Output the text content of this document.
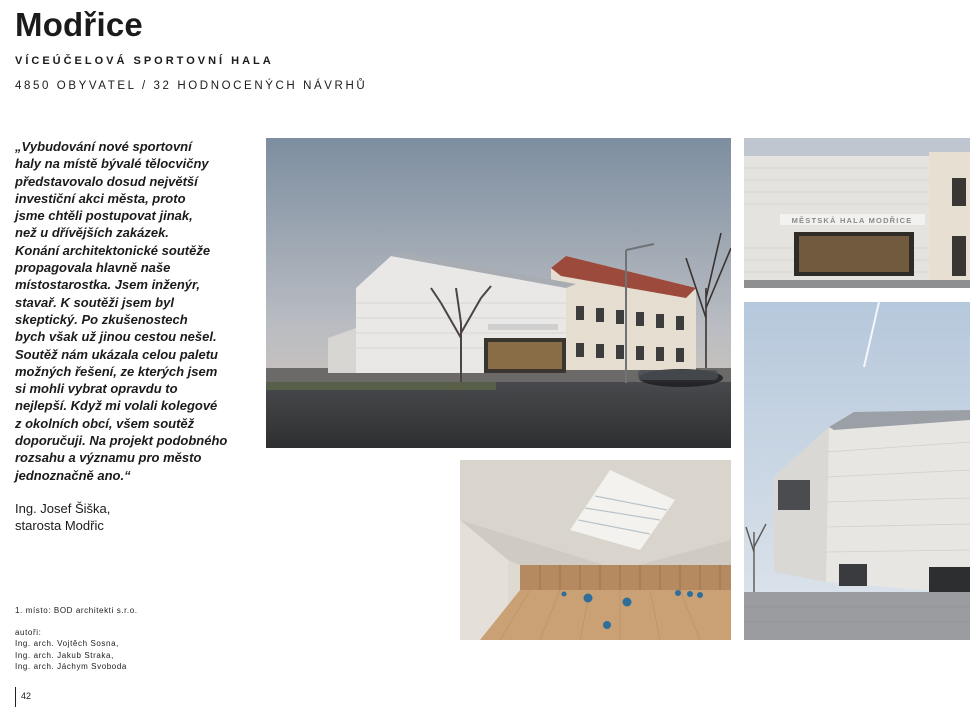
Modřice
VÍCEÚČELOVÁ SPORTOVNÍ HALA
4850 OBYVATEL / 32 HODNOCENÝCH NÁVRHŮ
„Vybudování nové sportovní
haly na místě bývalé tělocvičny
představovalo dosud největší
investiční akci města, proto
jsme chtěli postupovat jinak,
než u dřívějších zakázek.
Konání architektonické soutěže
propagovala hlavně naše
místostarostka. Jsem inženýr,
stavař. K soutěži jsem byl
skeptický. Po zkušenostech
bych však už jinou cestou nešel.
Soutěž nám ukázala celou paletu
možných řešení, ze kterých jsem
si mohli vybrat opravdu to
nejlepší. Když mi volali kolegové
z okolních obcí, všem soutěž
doporučuji. Na projekt podobného
rozsahu a významu pro město
jednoznačně ano.“
Ing. Josef Šiška,
starosta Modřic
1. místo: BOD architekti s.r.o.
autoři:
Ing. arch. Vojtěch Sosna,
Ing. arch. Jakub Straka,
Ing. arch. Jáchym Svoboda
42
MĚSTSKÁ HALA MODŘICE
